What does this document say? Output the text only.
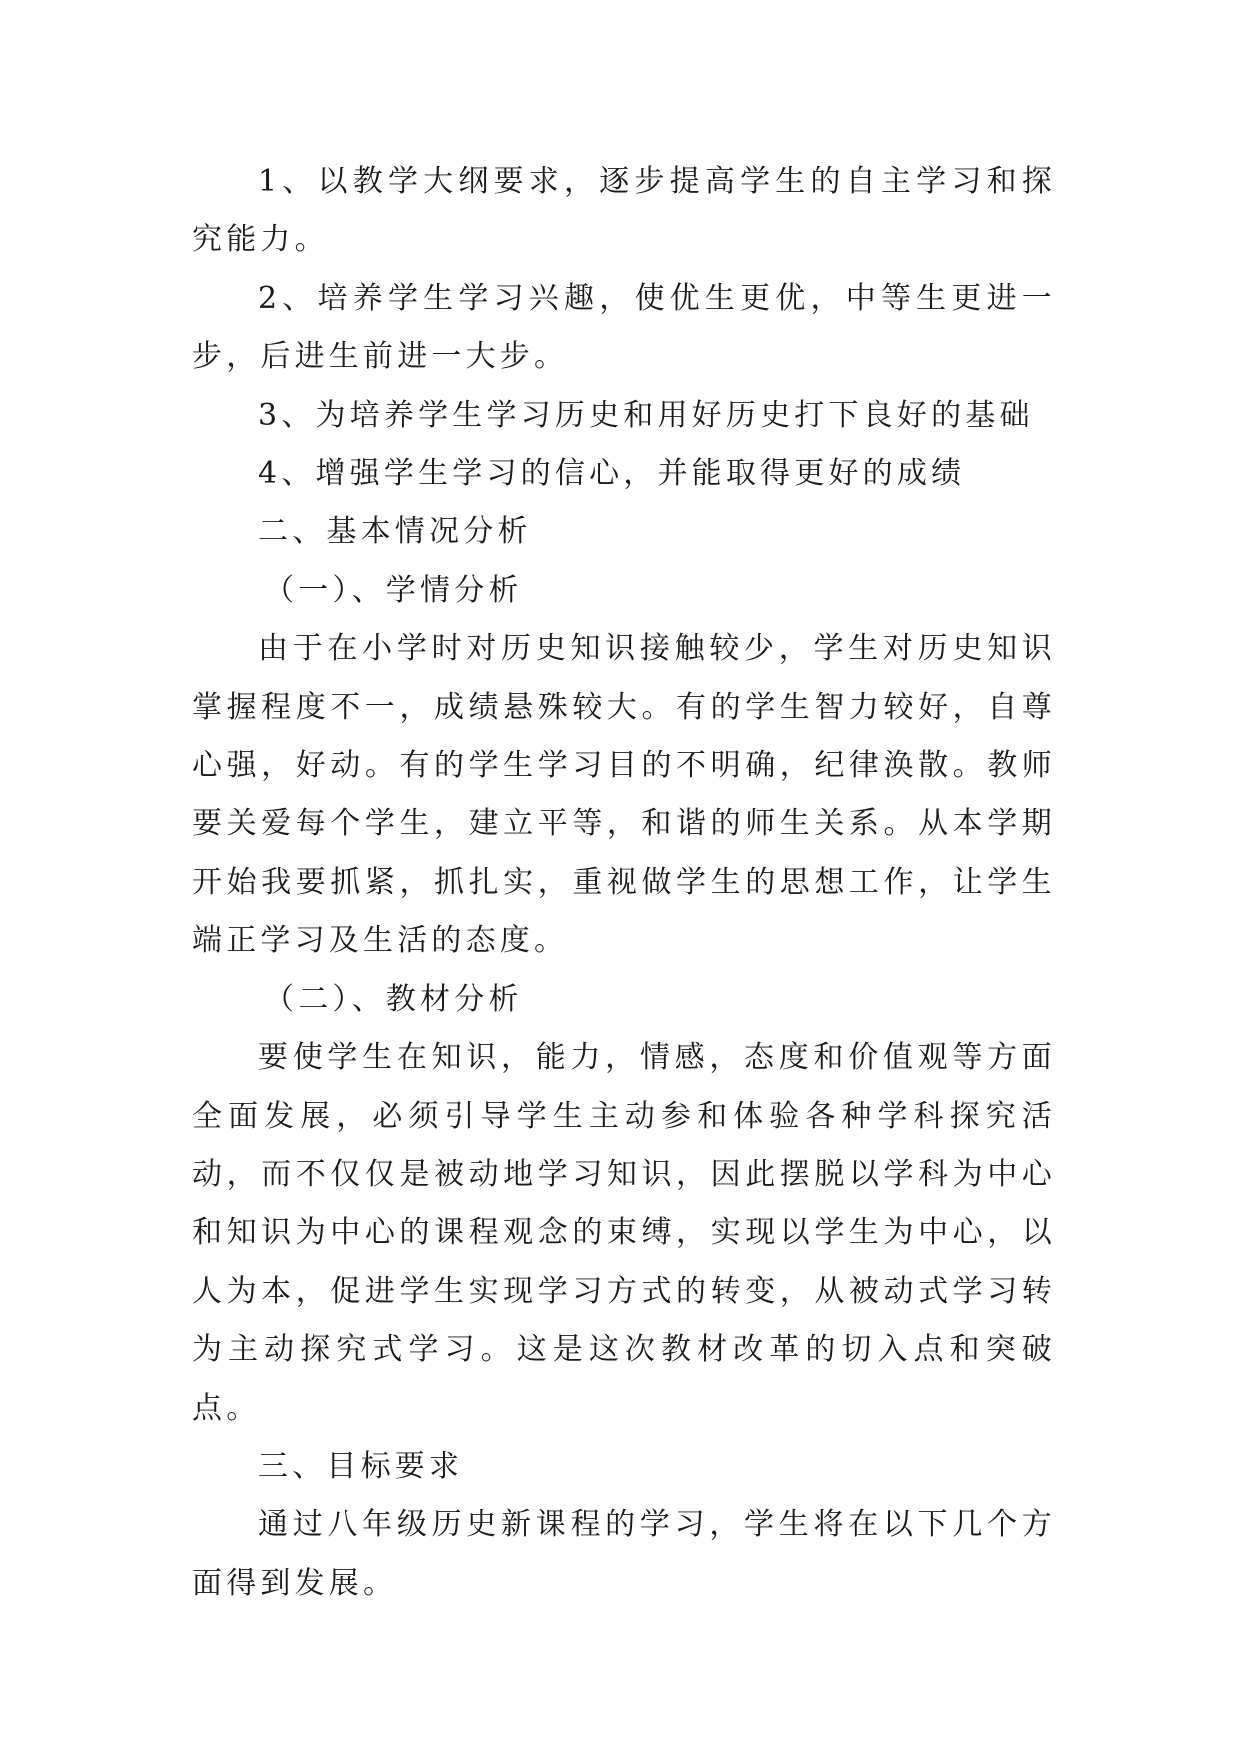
1、以教学大纲要求，逐步提高学生的自主学习和探究能力。

2、培养学生学习兴趣，使优生更优，中等生更进一步，后进生前进一大步。

3、为培养学生学习历史和用好历史打下良好的基础

4、增强学生学习的信心，并能取得更好的成绩

二、基本情况分析

（一）、学情分析

由于在小学时对历史知识接触较少，学生对历史知识掌握程度不一，成绩悬殊较大。有的学生智力较好，自尊心强，好动。有的学生学习目的不明确，纪律涣散。教师要关爱每个学生，建立平等，和谐的师生关系。从本学期开始我要抓紧，抓扎实，重视做学生的思想工作，让学生端正学习及生活的态度。

（二）、教材分析

要使学生在知识，能力，情感，态度和价值观等方面全面发展，必须引导学生主动参和体验各种学科探究活动，而不仅仅是被动地学习知识，因此摆脱以学科为中心和知识为中心的课程观念的束缚，实现以学生为中心，以人为本，促进学生实现学习方式的转变，从被动式学习转为主动探究式学习。这是这次教材改革的切入点和突破点。

三、目标要求

通过八年级历史新课程的学习，学生将在以下几个方面得到发展。
